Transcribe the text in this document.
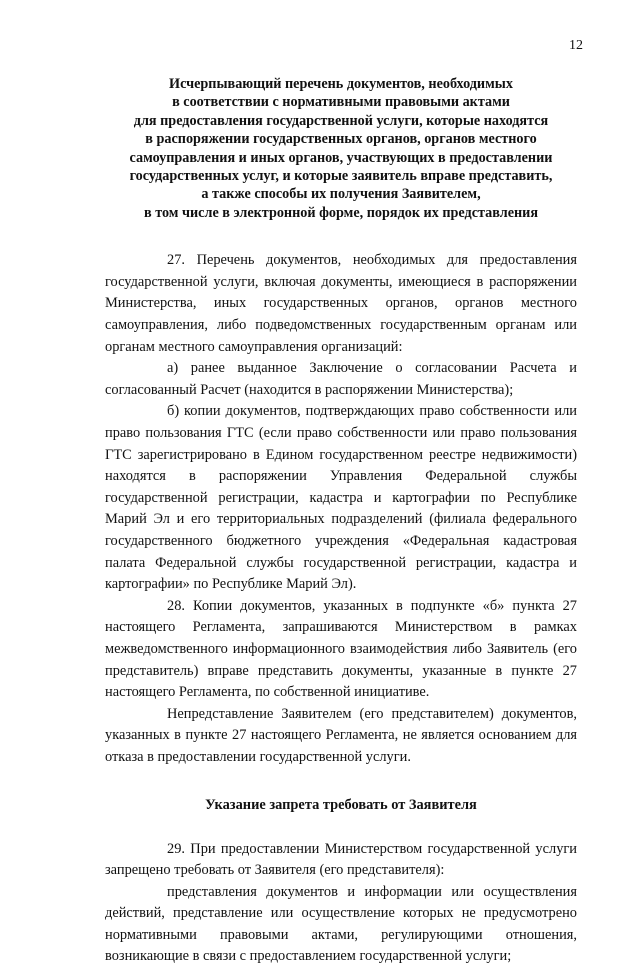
12
Исчерпывающий перечень документов, необходимых
в соответствии с нормативными правовыми актами
для предоставления государственной услуги, которые находятся
в распоряжении государственных органов, органов местного
самоуправления и иных органов, участвующих в предоставлении
государственных услуг, и которые заявитель вправе представить,
а также способы их получения Заявителем,
в том числе в электронной форме, порядок их представления

27. Перечень документов, необходимых для предоставления государственной услуги, включая документы, имеющиеся в распоряжении Министерства, иных государственных органов, органов местного самоуправления, либо подведомственных государственным органам или органам местного самоуправления организаций:

а) ранее выданное Заключение о согласовании Расчета и согласованный Расчет (находится в распоряжении Министерства);

б) копии документов, подтверждающих право собственности или право пользования ГТС (если право собственности или право пользования ГТС зарегистрировано в Едином государственном реестре недвижимости) находятся в распоряжении Управления Федеральной службы государственной регистрации, кадастра и картографии по Республике Марий Эл и его территориальных подразделений (филиала федерального государственного бюджетного учреждения «Федеральная кадастровая палата Федеральной службы государственной регистрации, кадастра и картографии» по Республике Марий Эл).

28. Копии документов, указанных в подпункте «б» пункта 27 настоящего Регламента, запрашиваются Министерством в рамках межведомственного информационного взаимодействия либо Заявитель (его представитель) вправе представить документы, указанные в пункте 27 настоящего Регламента, по собственной инициативе.

Непредставление Заявителем (его представителем) документов, указанных в пункте 27 настоящего Регламента, не является основанием для отказа в предоставлении государственной услуги.

Указание запрета требовать от Заявителя

29. При предоставлении Министерством государственной услуги запрещено требовать от Заявителя (его представителя):

представления документов и информации или осуществления действий, представление или осуществление которых не предусмотрено нормативными правовыми актами, регулирующими отношения, возникающие в связи с предоставлением государственной услуги;
